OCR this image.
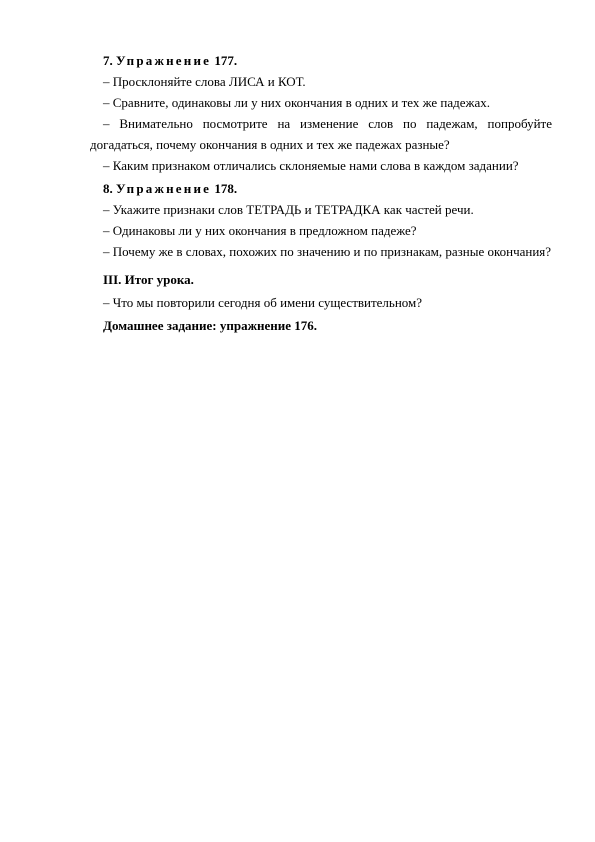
7. Упражнение 177.

– Просклоняйте слова ЛИСА и КОТ.

– Сравните, одинаковы ли у них окончания в одних и тех же падежах.

– Внимательно посмотрите на изменение слов по падежам, попробуйте догадаться, почему окончания в одних и тех же падежах разные?

– Каким признаком отличались склоняемые нами слова в каждом задании?

8. Упражнение 178.

– Укажите признаки слов ТЕТРАДЬ и ТЕТРАДКА как частей речи.

– Одинаковы ли у них окончания в предложном падеже?

– Почему же в словах, похожих по значению и по признакам, разные окончания?

III. Итог урока.

– Что мы повторили сегодня об имени существительном?

Домашнее задание: упражнение 176.
